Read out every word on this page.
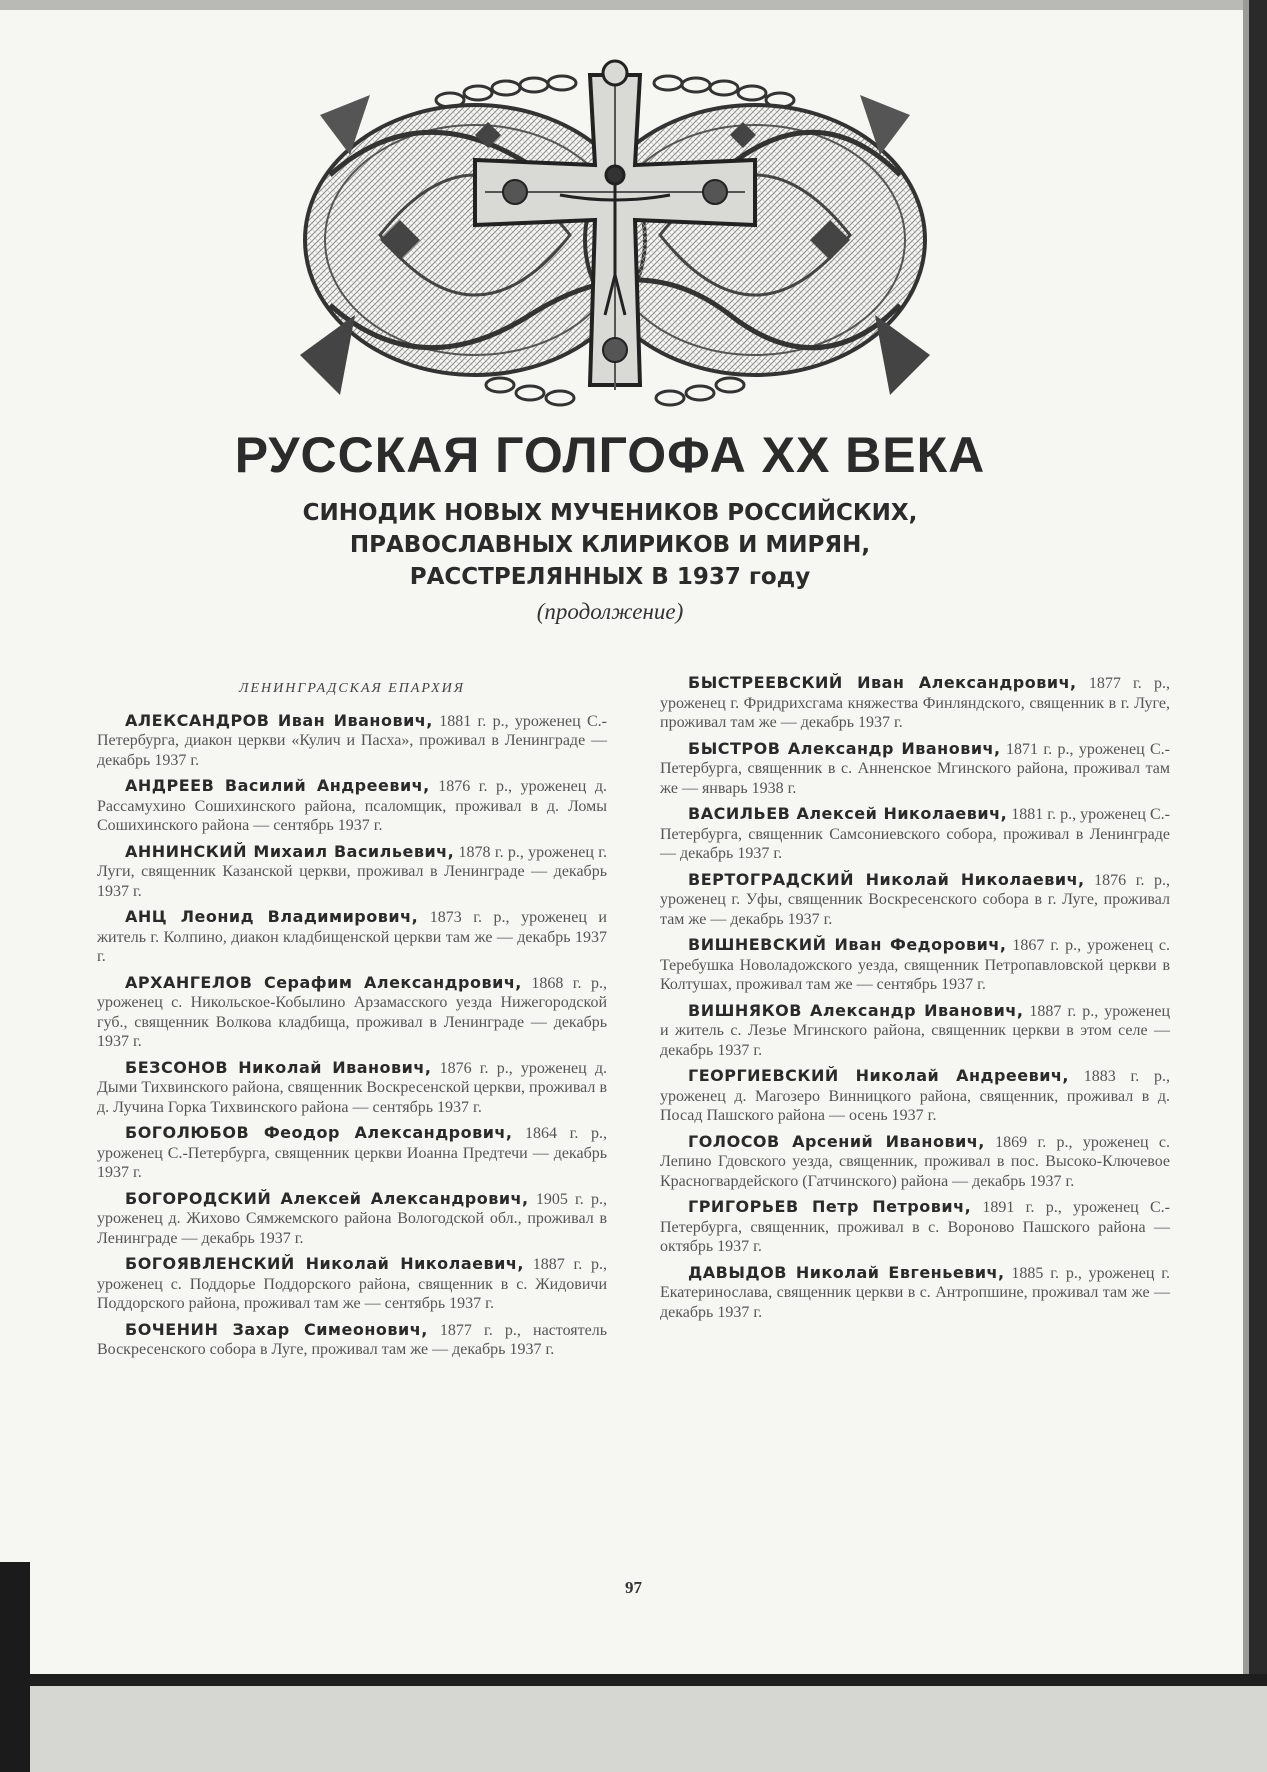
РУССКАЯ ГОЛГОФА XX ВЕКА
СИНОДИК НОВЫХ МУЧЕНИКОВ РОССИЙСКИХ,
ПРАВОСЛАВНЫХ КЛИРИКОВ И МИРЯН,
РАССТРЕЛЯННЫХ В 1937 году
(продолжение)
ЛЕНИНГРАДСКАЯ ЕПАРХИЯ

АЛЕКСАНДРОВ Иван Иванович, 1881 г. р., уроженец С.-Петербурга, диакон церкви «Кулич и Пасха», проживал в Ленинграде — декабрь 1937 г.

АНДРЕЕВ Василий Андреевич, 1876 г. р., уроженец д. Рассамухино Сошихинского района, псаломщик, проживал в д. Ломы Сошихинского района — сентябрь 1937 г.

АННИНСКИЙ Михаил Васильевич, 1878 г. р., уроженец г. Луги, священник Казанской церкви, проживал в Ленинграде — декабрь 1937 г.

АНЦ Леонид Владимирович, 1873 г. р., уроженец и житель г. Колпино, диакон кладбищенской церкви там же — декабрь 1937 г.

АРХАНГЕЛОВ Серафим Александрович, 1868 г. р., уроженец с. Никольское-Кобылино Арзамасского уезда Нижегородской губ., священник Волкова кладбища, проживал в Ленинграде — декабрь 1937 г.

БЕЗСОНОВ Николай Иванович, 1876 г. р., уроженец д. Дыми Тихвинского района, священник Воскресенской церкви, проживал в д. Лучина Горка Тихвинского района — сентябрь 1937 г.

БОГОЛЮБОВ Феодор Александрович, 1864 г. р., уроженец С.-Петербурга, священник церкви Иоанна Предтечи — декабрь 1937 г.

БОГОРОДСКИЙ Алексей Александрович, 1905 г. р., уроженец д. Жихово Сямжемского района Вологодской обл., проживал в Ленинграде — декабрь 1937 г.

БОГОЯВЛЕНСКИЙ Николай Николаевич, 1887 г. р., уроженец с. Поддорье Поддорского района, священник в с. Жидовичи Поддорского района, проживал там же — сентябрь 1937 г.

БОЧЕНИН Захар Симеонович, 1877 г. р., настоятель Воскресенского собора в Луге, проживал там же — декабрь 1937 г.

БЫСТРЕЕВСКИЙ Иван Александрович, 1877 г. р., уроженец г. Фридрихсгама княжества Финляндского, священник в г. Луге, проживал там же — декабрь 1937 г.

БЫСТРОВ Александр Иванович, 1871 г. р., уроженец С.-Петербурга, священник в с. Анненское Мгинского района, проживал там же — январь 1938 г.

ВАСИЛЬЕВ Алексей Николаевич, 1881 г. р., уроженец С.-Петербурга, священник Самсониевского собора, проживал в Ленинграде — декабрь 1937 г.

ВЕРТОГРАДСКИЙ Николай Николаевич, 1876 г. р., уроженец г. Уфы, священник Воскресенского собора в г. Луге, проживал там же — декабрь 1937 г.

ВИШНЕВСКИЙ Иван Федорович, 1867 г. р., уроженец с. Теребушка Новоладожского уезда, священник Петропавловской церкви в Колтушах, проживал там же — сентябрь 1937 г.

ВИШНЯКОВ Александр Иванович, 1887 г. р., уроженец и житель с. Лезье Мгинского района, священник церкви в этом селе — декабрь 1937 г.

ГЕОРГИЕВСКИЙ Николай Андреевич, 1883 г. р., уроженец д. Магозеро Винницкого района, священник, проживал в д. Посад Пашского района — осень 1937 г.

ГОЛОСОВ Арсений Иванович, 1869 г. р., уроженец с. Лепино Гдовского уезда, священник, проживал в пос. Высоко-Ключевое Красногвардейского (Гатчинского) района — декабрь 1937 г.

ГРИГОРЬЕВ Петр Петрович, 1891 г. р., уроженец С.-Петербурга, священник, проживал в с. Вороново Пашского района — октябрь 1937 г.

ДАВЫДОВ Николай Евгеньевич, 1885 г. р., уроженец г. Екатеринослава, священник церкви в с. Антропшине, проживал там же — декабрь 1937 г.

97
